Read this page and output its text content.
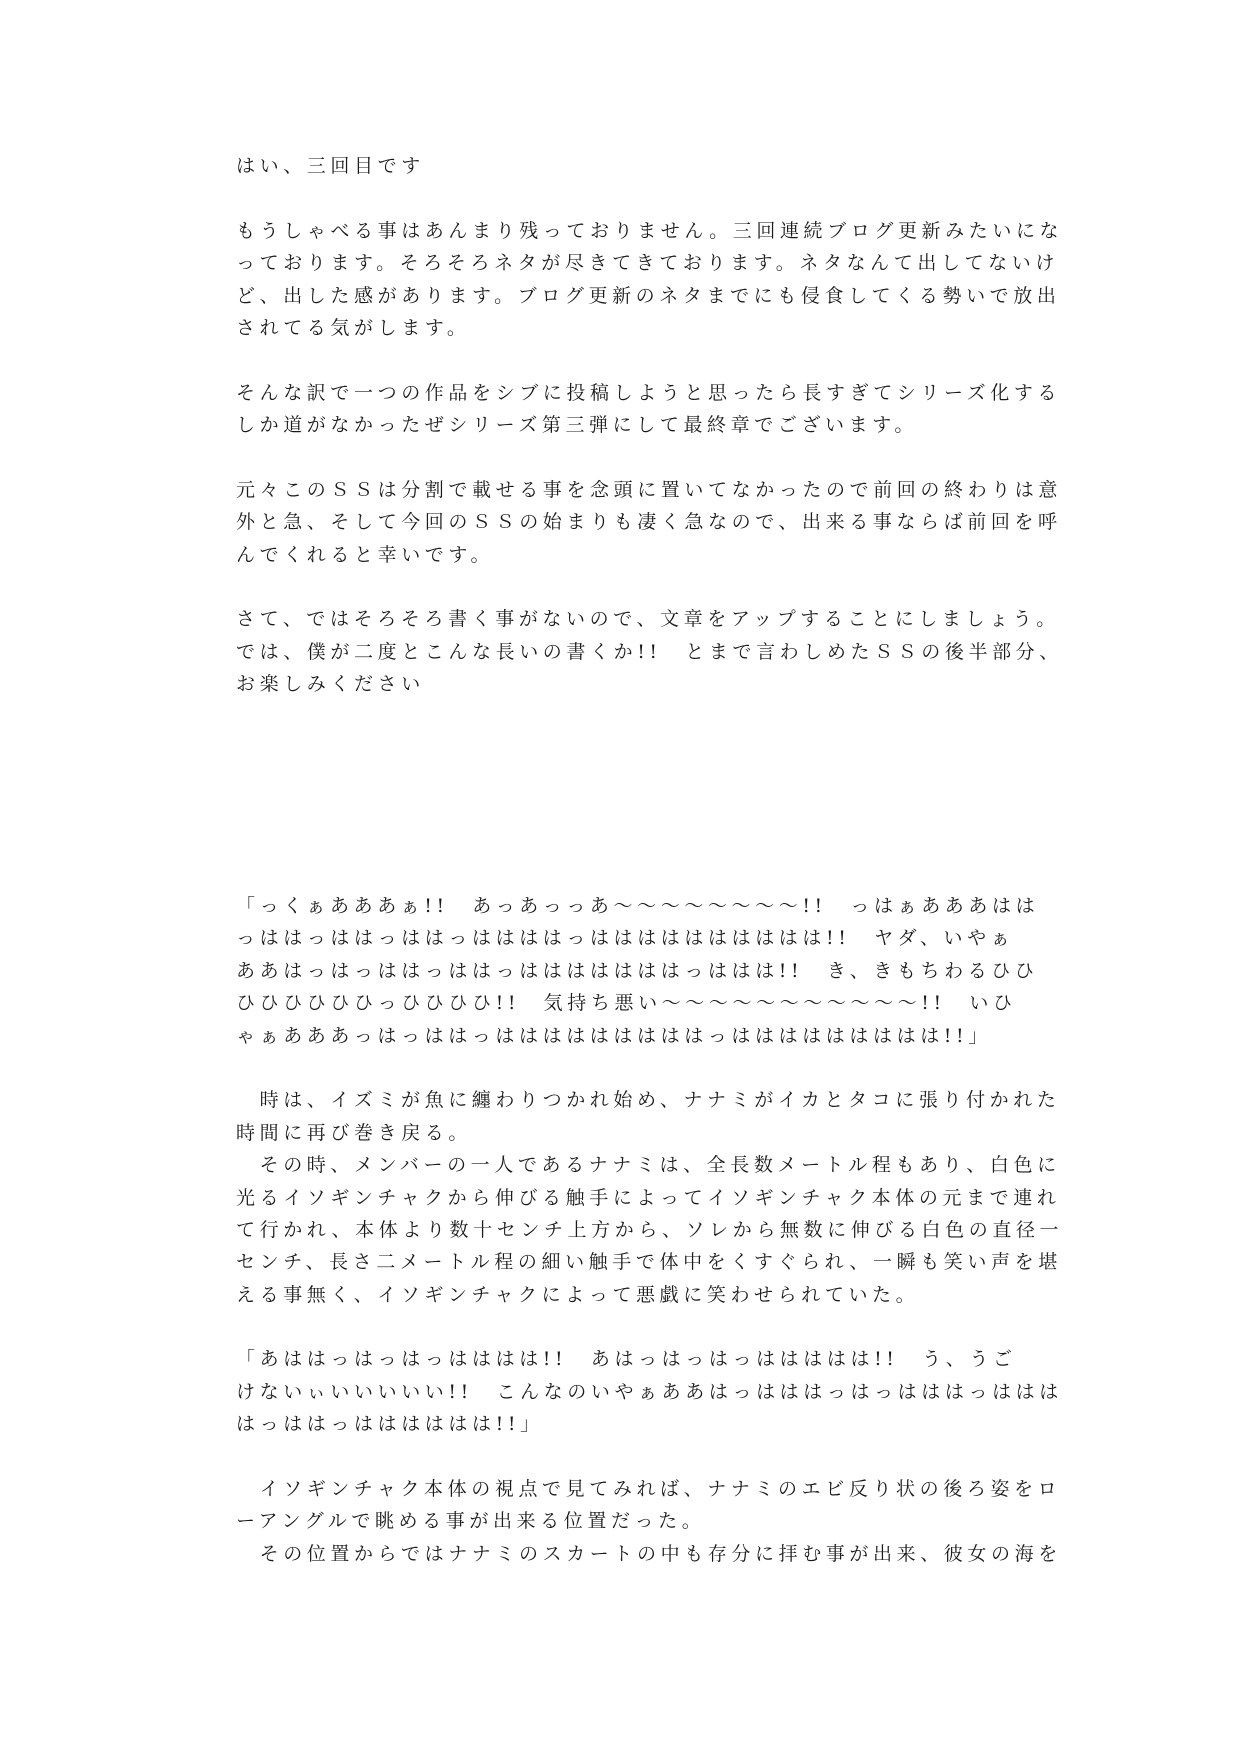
はい、三回目です
もうしゃべる事はあんまり残っておりません。三回連続ブログ更新みたいにな
っております。そろそろネタが尽きてきております。ネタなんて出してないけ
ど、出した感があります。ブログ更新のネタまでにも侵食してくる勢いで放出
されてる気がします。
そんな訳で一つの作品をシブに投稿しようと思ったら長すぎてシリーズ化する
しか道がなかったぜシリーズ第三弾にして最終章でございます。
元々このＳＳは分割で載せる事を念頭に置いてなかったので前回の終わりは意
外と急、そして今回のＳＳの始まりも凄く急なので、出来る事ならば前回を呼
んでくれると幸いです。
さて、ではそろそろ書く事がないので、文章をアップすることにしましょう。
では、僕が二度とこんな長いの書くか!!　とまで言わしめたＳＳの後半部分、
お楽しみください
「っくぁあああぁ!!　あっあっっあ～～～～～～～～!!　っはぁあああはは
っははっははっははっははははっはははははははははは!!　ヤダ、いやぁ
ああはっはっははっははっはははははははっははは!!　き、きもちわるひひ
ひひひひひひっひひひひ!!　気持ち悪い～～～～～～～～～～～!!　いひ
ゃぁあああっはっははっはははははははははっははははははははは!!」
　時は、イズミが魚に纏わりつかれ始め、ナナミがイカとタコに張り付かれた
時間に再び巻き戻る。
　その時、メンバーの一人であるナナミは、全長数メートル程もあり、白色に
光るイソギンチャクから伸びる触手によってイソギンチャク本体の元まで連れ
て行かれ、本体より数十センチ上方から、ソレから無数に伸びる白色の直径一
センチ、長さ二メートル程の細い触手で体中をくすぐられ、一瞬も笑い声を堪
える事無く、イソギンチャクによって悪戯に笑わせられていた。
「あははっはっはっはははは!!　あはっはっはっははははは!!　う、うご
けないぃいいいいい!!　こんなのいやぁああはっはははっはっはははっははは
はっははっはははははは!!」
　イソギンチャク本体の視点で見てみれば、ナナミのエビ反り状の後ろ姿をロ
ーアングルで眺める事が出来る位置だった。
　その位置からではナナミのスカートの中も存分に拝む事が出来、彼女の海を
